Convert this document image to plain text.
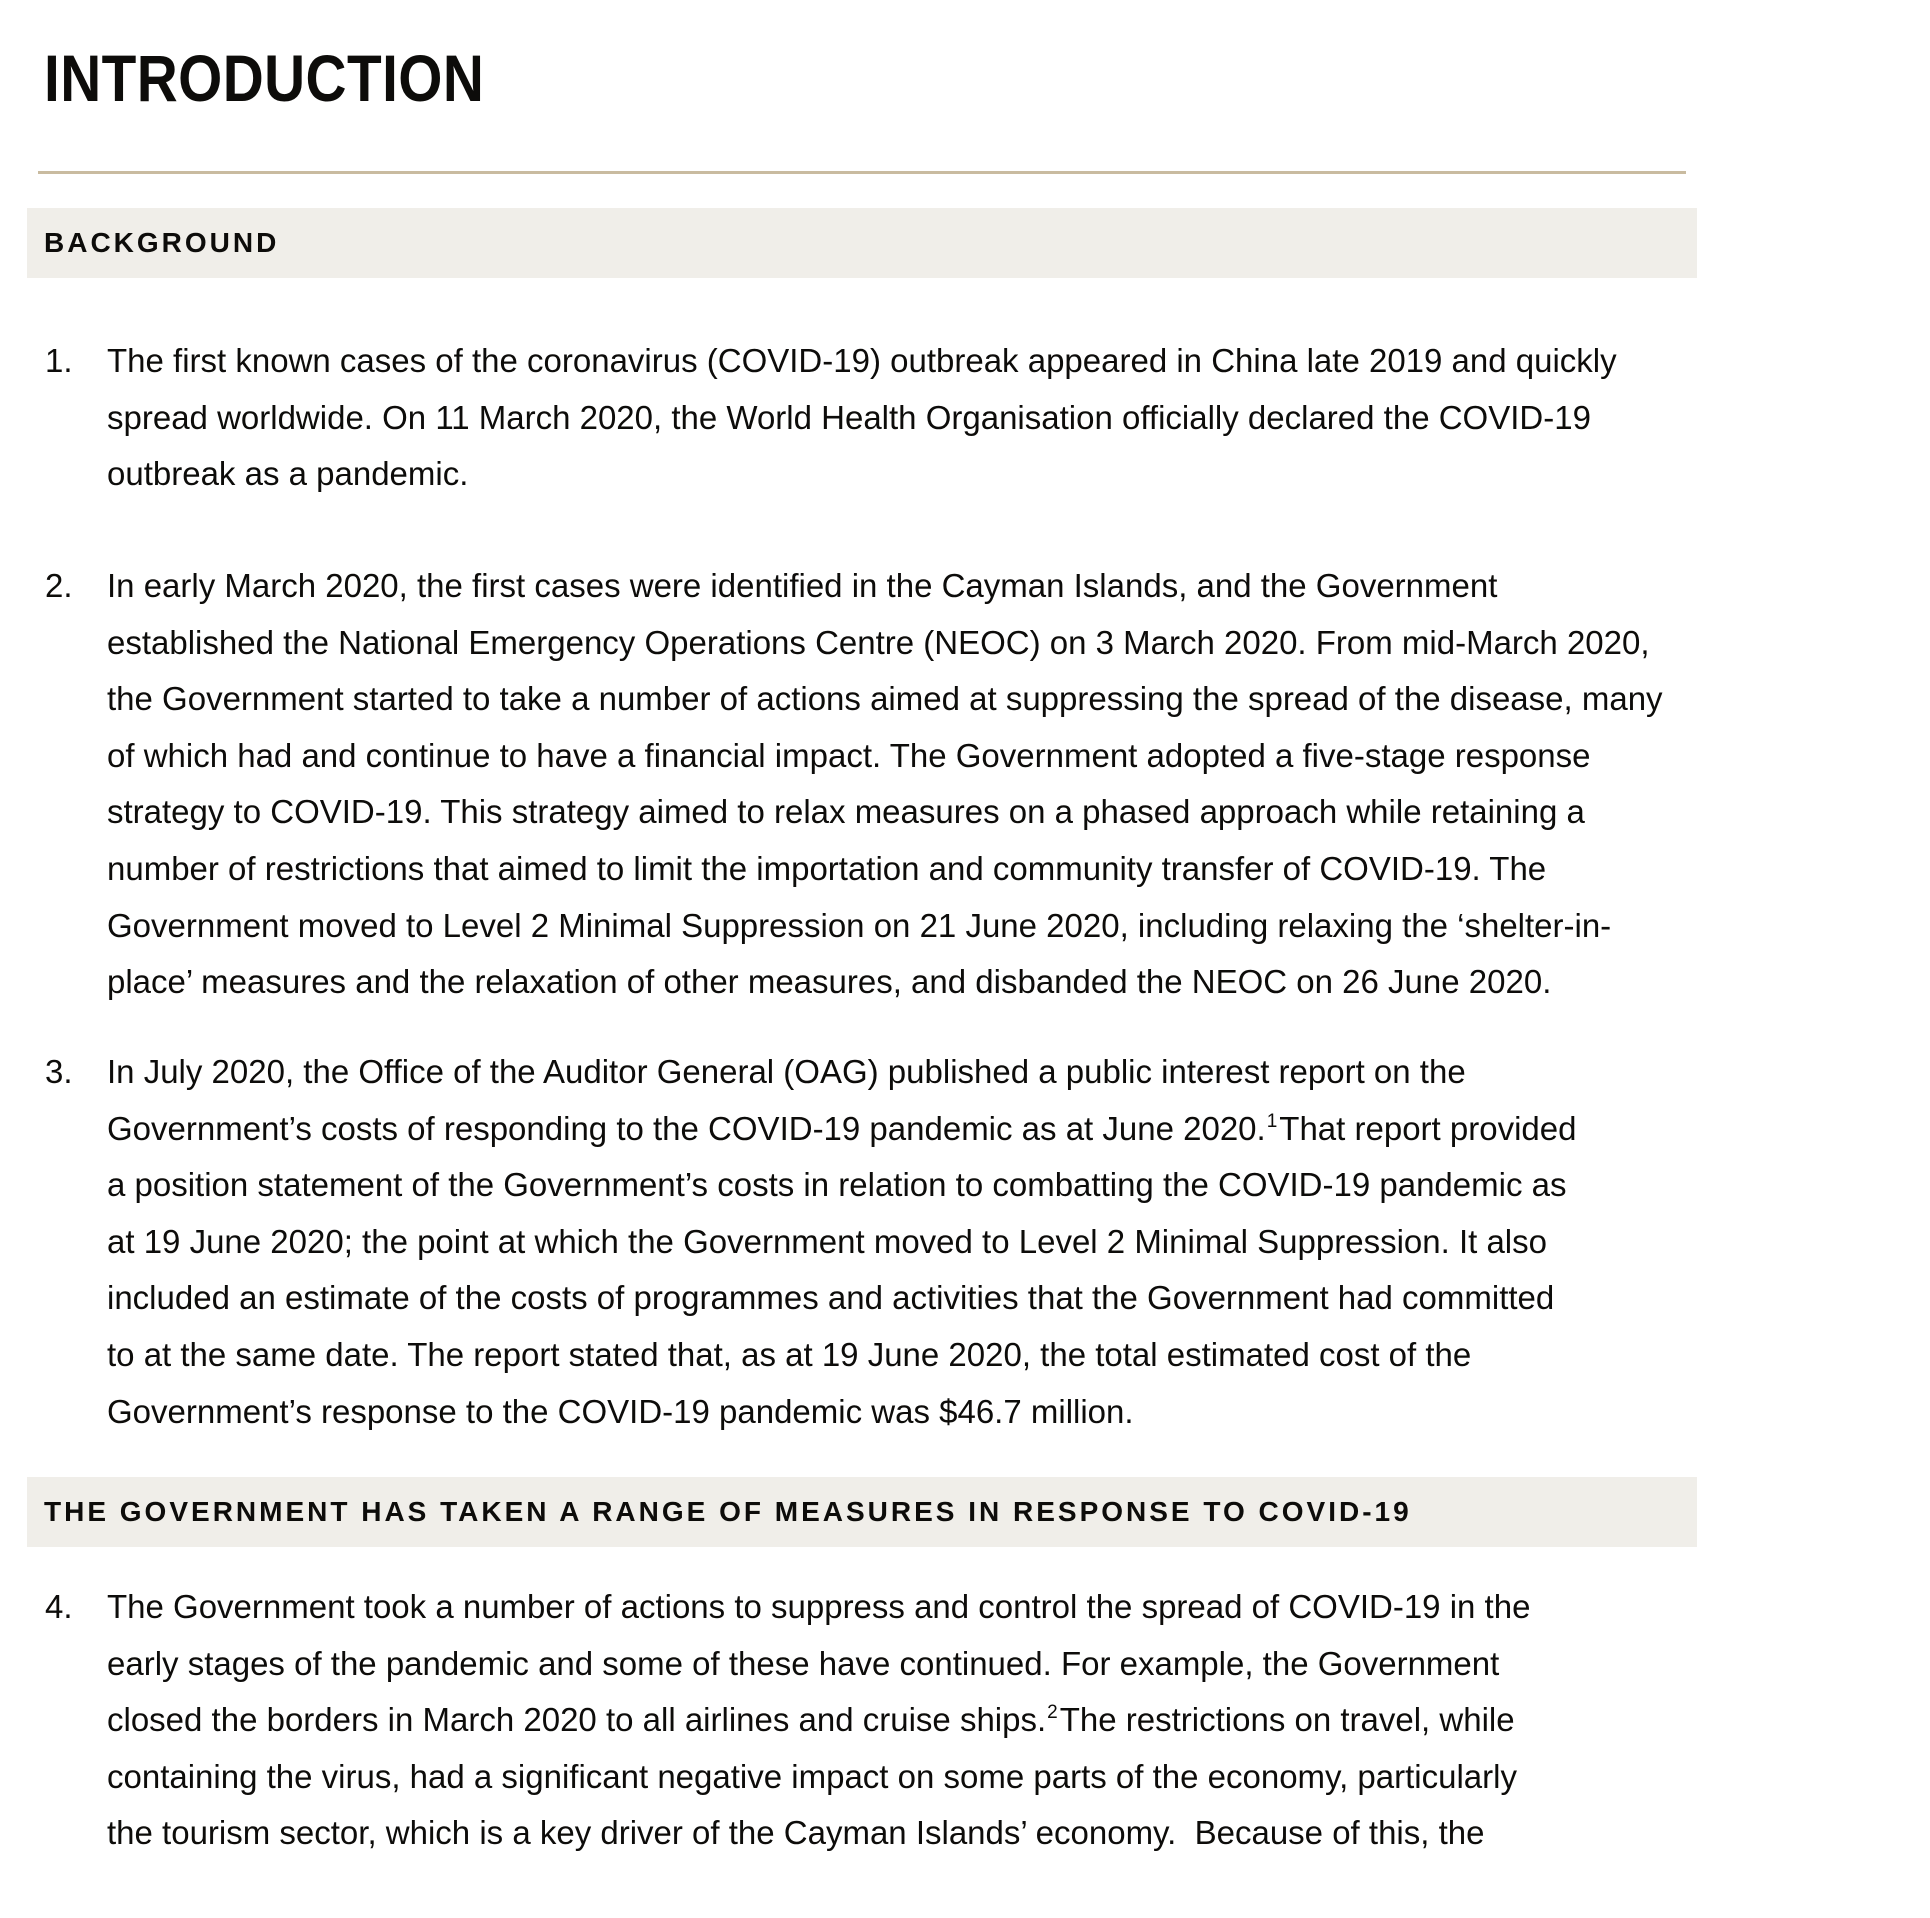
INTRODUCTION
BACKGROUND
1. The first known cases of the coronavirus (COVID-19) outbreak appeared in China late 2019 and quickly
spread worldwide. On 11 March 2020, the World Health Organisation officially declared the COVID-19
outbreak as a pandemic.
2. In early March 2020, the first cases were identified in the Cayman Islands, and the Government
established the National Emergency Operations Centre (NEOC) on 3 March 2020. From mid-March 2020,
the Government started to take a number of actions aimed at suppressing the spread of the disease, many
of which had and continue to have a financial impact. The Government adopted a five-stage response
strategy to COVID-19. This strategy aimed to relax measures on a phased approach while retaining a
number of restrictions that aimed to limit the importation and community transfer of COVID-19. The
Government moved to Level 2 Minimal Suppression on 21 June 2020, including relaxing the ‘shelter-in-
place’ measures and the relaxation of other measures, and disbanded the NEOC on 26 June 2020.
3. In July 2020, the Office of the Auditor General (OAG) published a public interest report on the
Government’s costs of responding to the COVID-19 pandemic as at June 2020.$^1$That report provided
a position statement of the Government’s costs in relation to combatting the COVID-19 pandemic as
at 19 June 2020; the point at which the Government moved to Level 2 Minimal Suppression. It also
included an estimate of the costs of programmes and activities that the Government had committed
to at the same date. The report stated that, as at 19 June 2020, the total estimated cost of the
Government’s response to the COVID-19 pandemic was $46.7 million.
THE GOVERNMENT HAS TAKEN A RANGE OF MEASURES IN RESPONSE TO COVID-19
4. The Government took a number of actions to suppress and control the spread of COVID-19 in the
early stages of the pandemic and some of these have continued. For example, the Government
closed the borders in March 2020 to all airlines and cruise ships.$^2$The restrictions on travel, while
containing the virus, had a significant negative impact on some parts of the economy, particularly
the tourism sector, which is a key driver of the Cayman Islands’ economy.  Because of this, the
